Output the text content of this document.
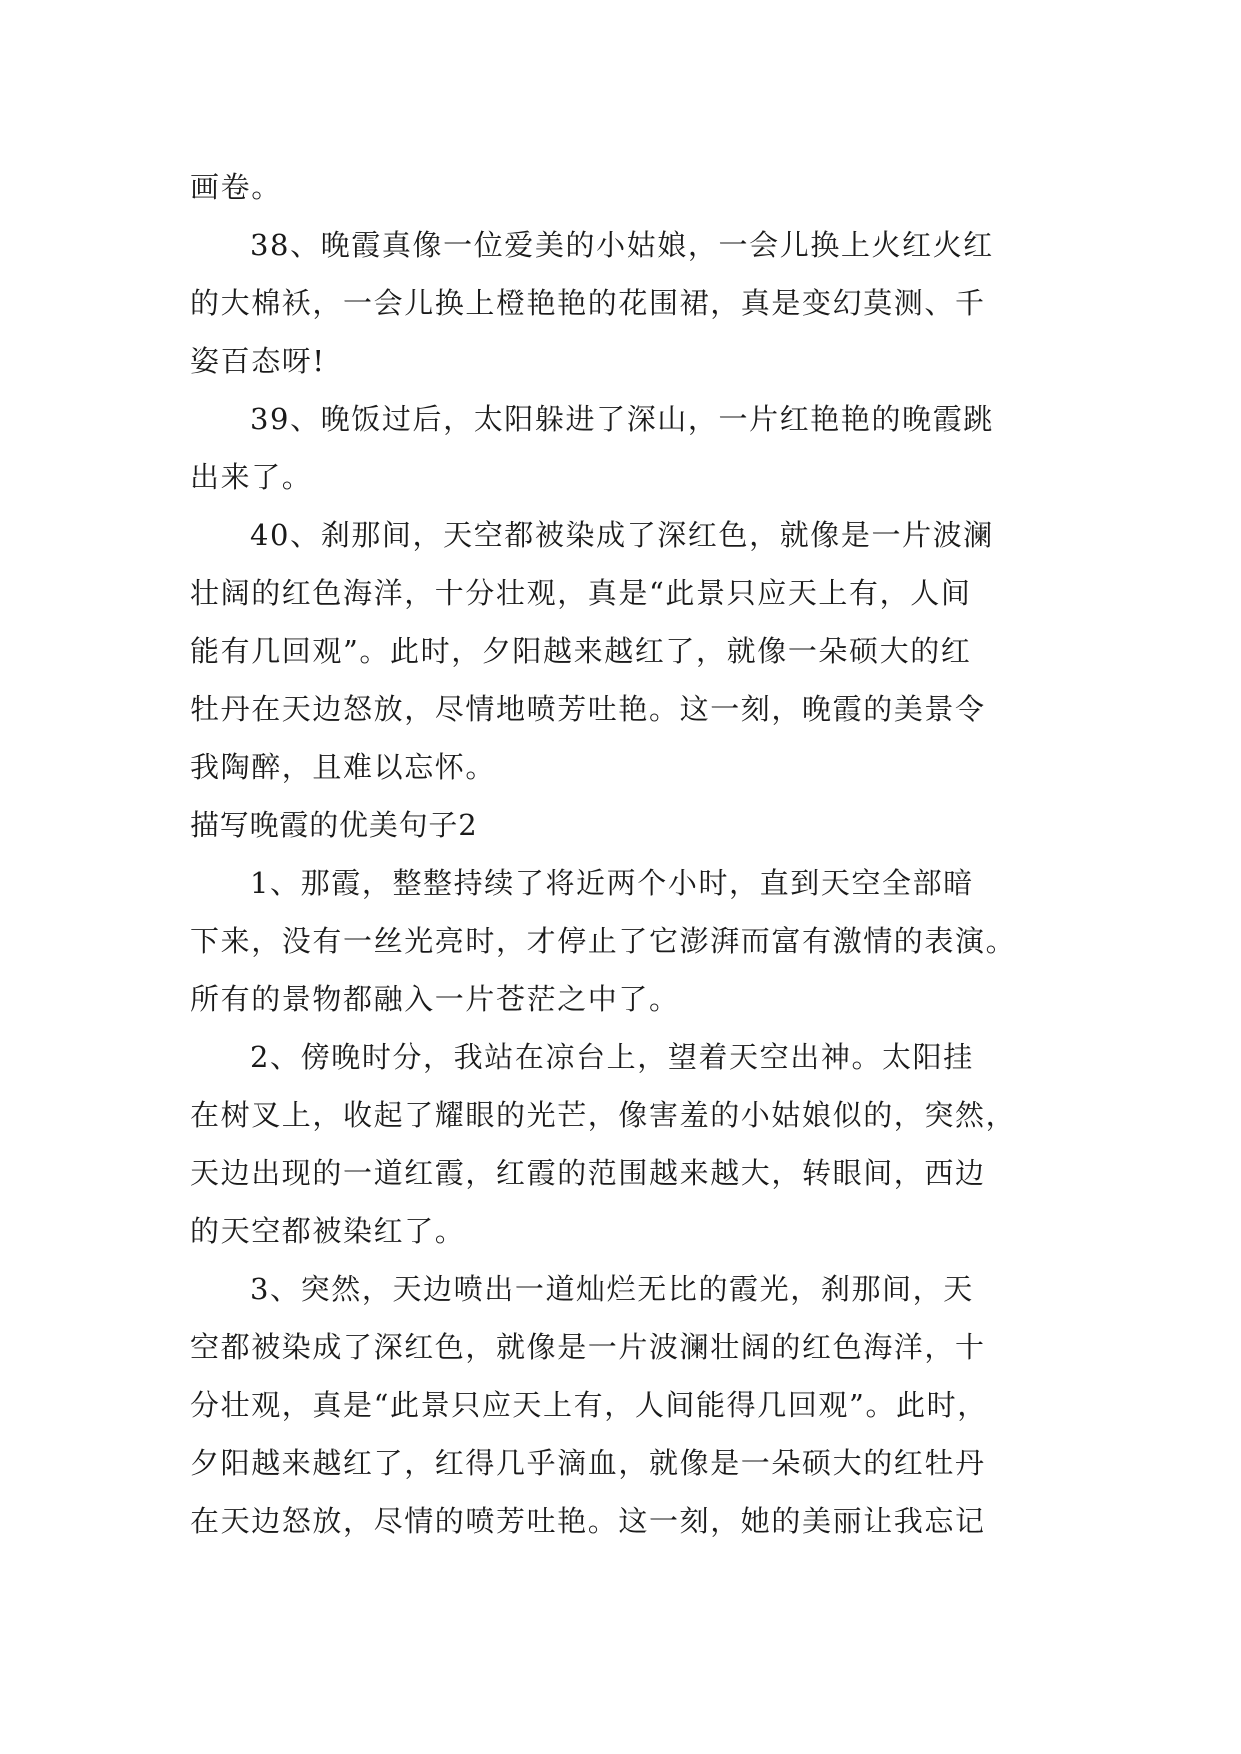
画卷。
38、晚霞真像一位爱美的小姑娘，一会儿换上火红火红
的大棉袄，一会儿换上橙艳艳的花围裙，真是变幻莫测、千
姿百态呀!
39、晚饭过后，太阳躲进了深山，一片红艳艳的晚霞跳
出来了。
40、刹那间，天空都被染成了深红色，就像是一片波澜
壮阔的红色海洋，十分壮观，真是“此景只应天上有，人间
能有几回观”。此时，夕阳越来越红了，就像一朵硕大的红
牡丹在天边怒放，尽情地喷芳吐艳。这一刻，晚霞的美景令
我陶醉，且难以忘怀。
描写晚霞的优美句子2
1、那霞，整整持续了将近两个小时，直到天空全部暗
下来，没有一丝光亮时，才停止了它澎湃而富有激情的表演。
所有的景物都融入一片苍茫之中了。
2、傍晚时分，我站在凉台上，望着天空出神。太阳挂
在树叉上，收起了耀眼的光芒，像害羞的小姑娘似的，突然，
天边出现的一道红霞，红霞的范围越来越大，转眼间，西边
的天空都被染红了。
3、突然，天边喷出一道灿烂无比的霞光，刹那间，天
空都被染成了深红色，就像是一片波澜壮阔的红色海洋，十
分壮观，真是“此景只应天上有，人间能得几回观”。此时，
夕阳越来越红了，红得几乎滴血，就像是一朵硕大的红牡丹
在天边怒放，尽情的喷芳吐艳。这一刻，她的美丽让我忘记
